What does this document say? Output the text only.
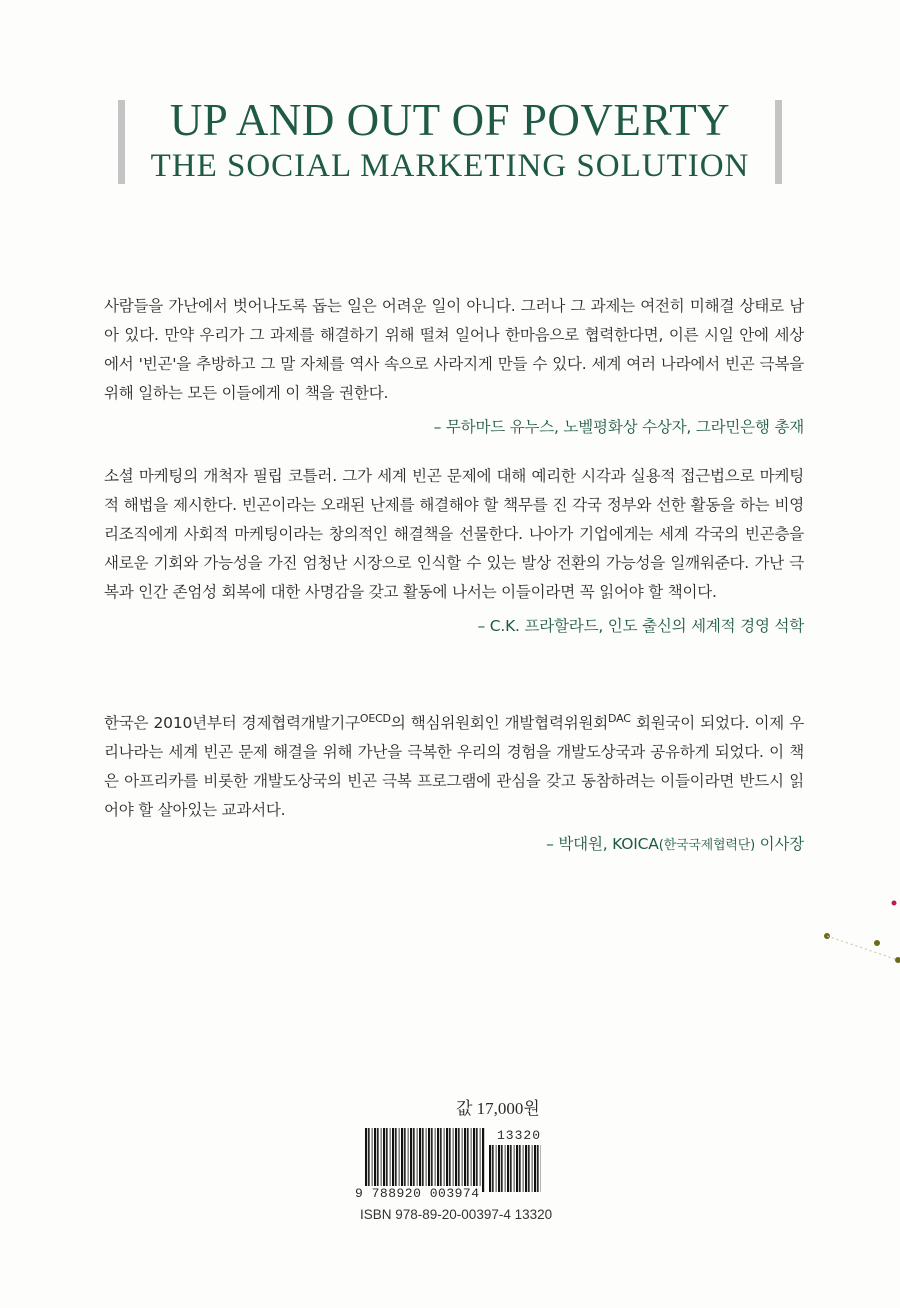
UP AND OUT OF POVERTY
THE SOCIAL MARKETING SOLUTION
사람들을 가난에서 벗어나도록 돕는 일은 어려운 일이 아니다. 그러나 그 과제는 여전히 미해결 상태로 남아 있다. 만약 우리가 그 과제를 해결하기 위해 떨쳐 일어나 한마음으로 협력한다면, 이른 시일 안에 세상에서 '빈곤'을 추방하고 그 말 자체를 역사 속으로 사라지게 만들 수 있다. 세계 여러 나라에서 빈곤 극복을 위해 일하는 모든 이들에게 이 책을 권한다.
– 무하마드 유누스, 노벨평화상 수상자, 그라민은행 총재
소셜 마케팅의 개척자 필립 코틀러. 그가 세계 빈곤 문제에 대해 예리한 시각과 실용적 접근법으로 마케팅적 해법을 제시한다. 빈곤이라는 오래된 난제를 해결해야 할 책무를 진 각국 정부와 선한 활동을 하는 비영리조직에게 사회적 마케팅이라는 창의적인 해결책을 선물한다. 나아가 기업에게는 세계 각국의 빈곤층을 새로운 기회와 가능성을 가진 엄청난 시장으로 인식할 수 있는 발상 전환의 가능성을 일깨워준다. 가난 극복과 인간 존엄성 회복에 대한 사명감을 갖고 활동에 나서는 이들이라면 꼭 읽어야 할 책이다.
– C.K. 프라할라드, 인도 출신의 세계적 경영 석학
한국은 2010년부터 경제협력개발기구$^{OECD}$의 핵심위원회인 개발협력위원회$^{DAC}$ 회원국이 되었다. 이제 우리나라는 세계 빈곤 문제 해결을 위해 가난을 극복한 우리의 경험을 개발도상국과 공유하게 되었다. 이 책은 아프리카를 비롯한 개발도상국의 빈곤 극복 프로그램에 관심을 갖고 동참하려는 이들이라면 반드시 읽어야 할 살아있는 교과서다.
– 박대원, KOICA(한국국제협력단) 이사장
값 17,000원
9 788920 003974
13320
ISBN 978-89-20-00397-4 13320
